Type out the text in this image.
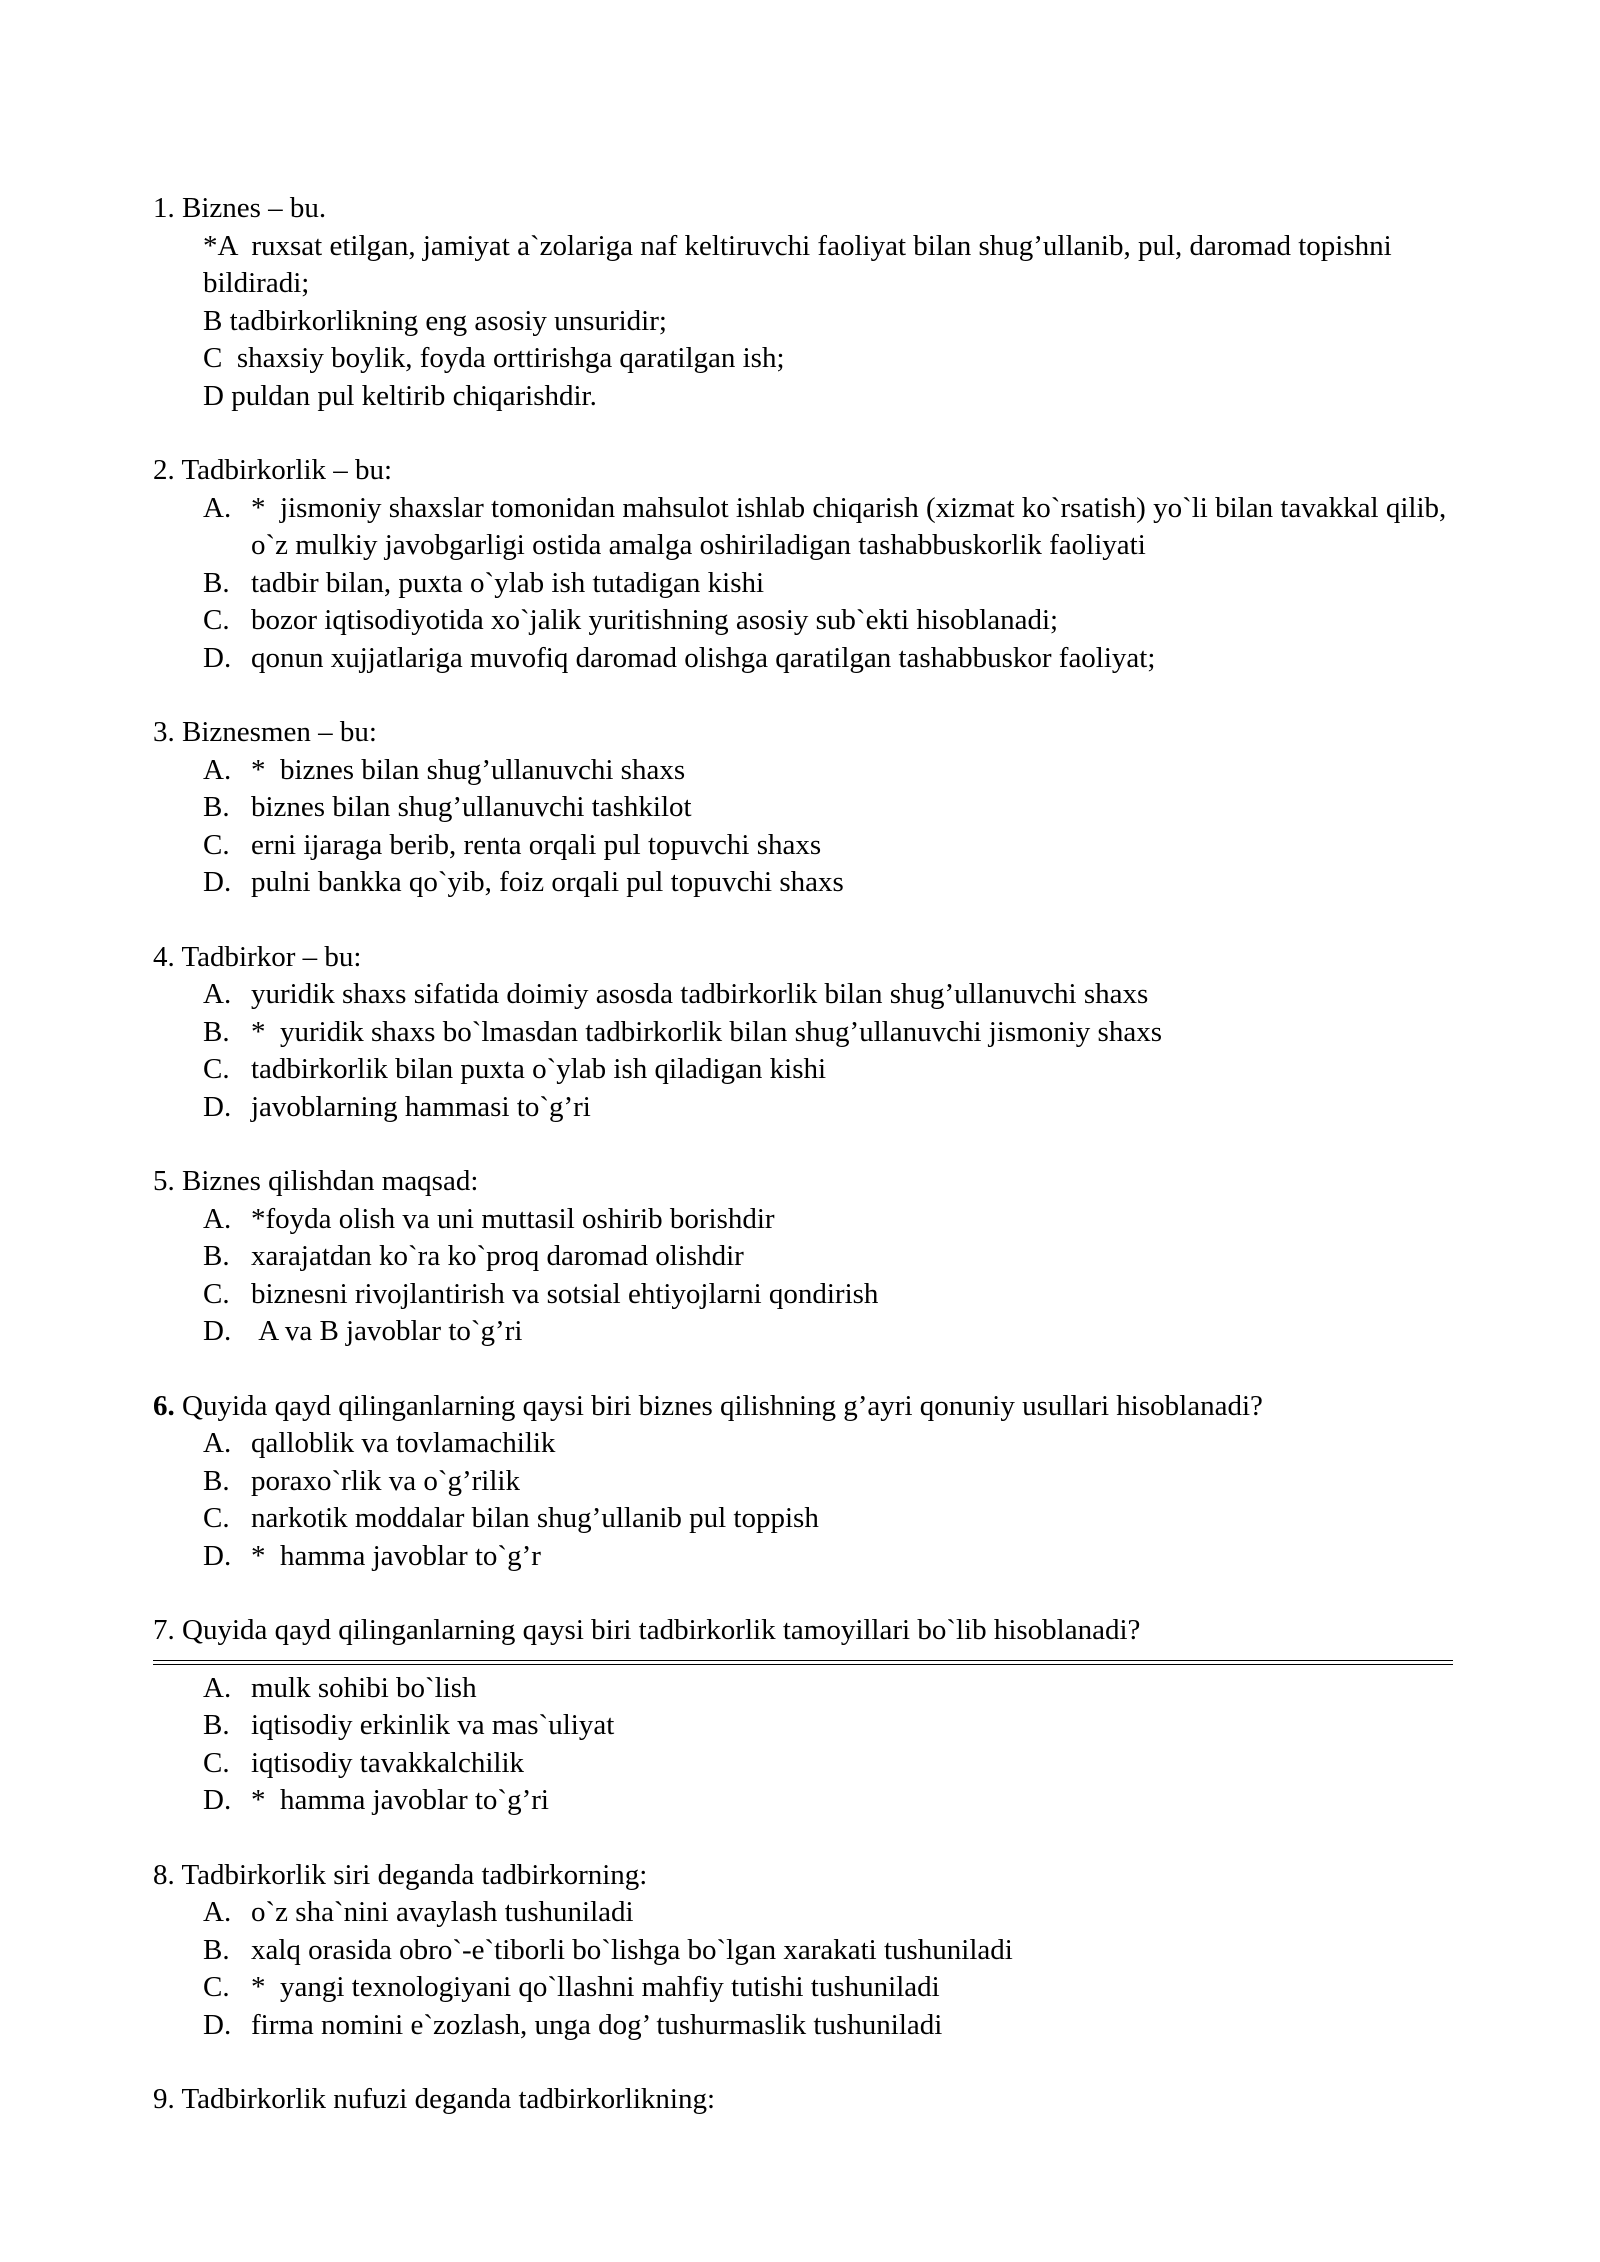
1. Biznes – bu.
*A  ruxsat etilgan, jamiyat a`zolariga naf keltiruvchi faoliyat bilan shug’ullanib, pul, daromad topishni bildiradi;
B tadbirkorlikning eng asosiy unsuridir;
C  shaxsiy boylik, foyda orttirishga qaratilgan ish;
D puldan pul keltirib chiqarishdir.
2. Tadbirkorlik – bu:
A. *  jismoniy shaxslar tomonidan mahsulot ishlab chiqarish (xizmat ko`rsatish) yo`li bilan tavakkal qilib, o`z mulkiy javobgarligi ostida amalga oshiriladigan tashabbuskorlik faoliyati
B. tadbir bilan, puxta o`ylab ish tutadigan kishi
C. bozor iqtisodiyotida xo`jalik yuritishning asosiy sub`ekti hisoblanadi;
D. qonun xujjatlariga muvofiq daromad olishga qaratilgan tashabbuskor faoliyat;
3. Biznesmen – bu:
A. *  biznes bilan shug’ullanuvchi shaxs
B. biznes bilan shug’ullanuvchi tashkilot
C. erni ijaraga berib, renta orqali pul topuvchi shaxs
D. pulni bankka qo`yib, foiz orqali pul topuvchi shaxs
4. Tadbirkor – bu:
A. yuridik shaxs sifatida doimiy asosda tadbirkorlik bilan shug’ullanuvchi shaxs
B. *  yuridik shaxs bo`lmasdan tadbirkorlik bilan shug’ullanuvchi jismoniy shaxs
C. tadbirkorlik bilan puxta o`ylab ish qiladigan kishi
D. javoblarning hammasi to`g’ri
5. Biznes qilishdan maqsad:
A. *foyda olish va uni muttasil oshirib borishdir
B. xarajatdan ko`ra ko`proq daromad olishdir
C. biznesni rivojlantirish va sotsial ehtiyojlarni qondirish
D. A va B javoblar to`g’ri
6. Quyida qayd qilinganlarning qaysi biri biznes qilishning g’ayri qonuniy usullari hisoblanadi?
A. qalloblik va tovlamachilik
B. poraxo`rlik va o`g’rilik
C. narkotik moddalar bilan shug’ullanib pul toppish
D. *  hamma javoblar to`g’r
7. Quyida qayd qilinganlarning qaysi biri tadbirkorlik tamoyillari bo`lib hisoblanadi?
A. mulk sohibi bo`lish
B. iqtisodiy erkinlik va mas`uliyat
C. iqtisodiy tavakkalchilik
D. *  hamma javoblar to`g’ri
8. Tadbirkorlik siri deganda tadbirkorning:
A. o`z sha`nini avaylash tushuniladi
B. xalq orasida obro`-e`tiborli bo`lishga bo`lgan xarakati tushuniladi
C. *  yangi texnologiyani qo`llashni mahfiy tutishi tushuniladi
D. firma nomini e`zozlash, unga dog’ tushurmaslik tushuniladi
9. Tadbirkorlik nufuzi deganda tadbirkorlikning:
